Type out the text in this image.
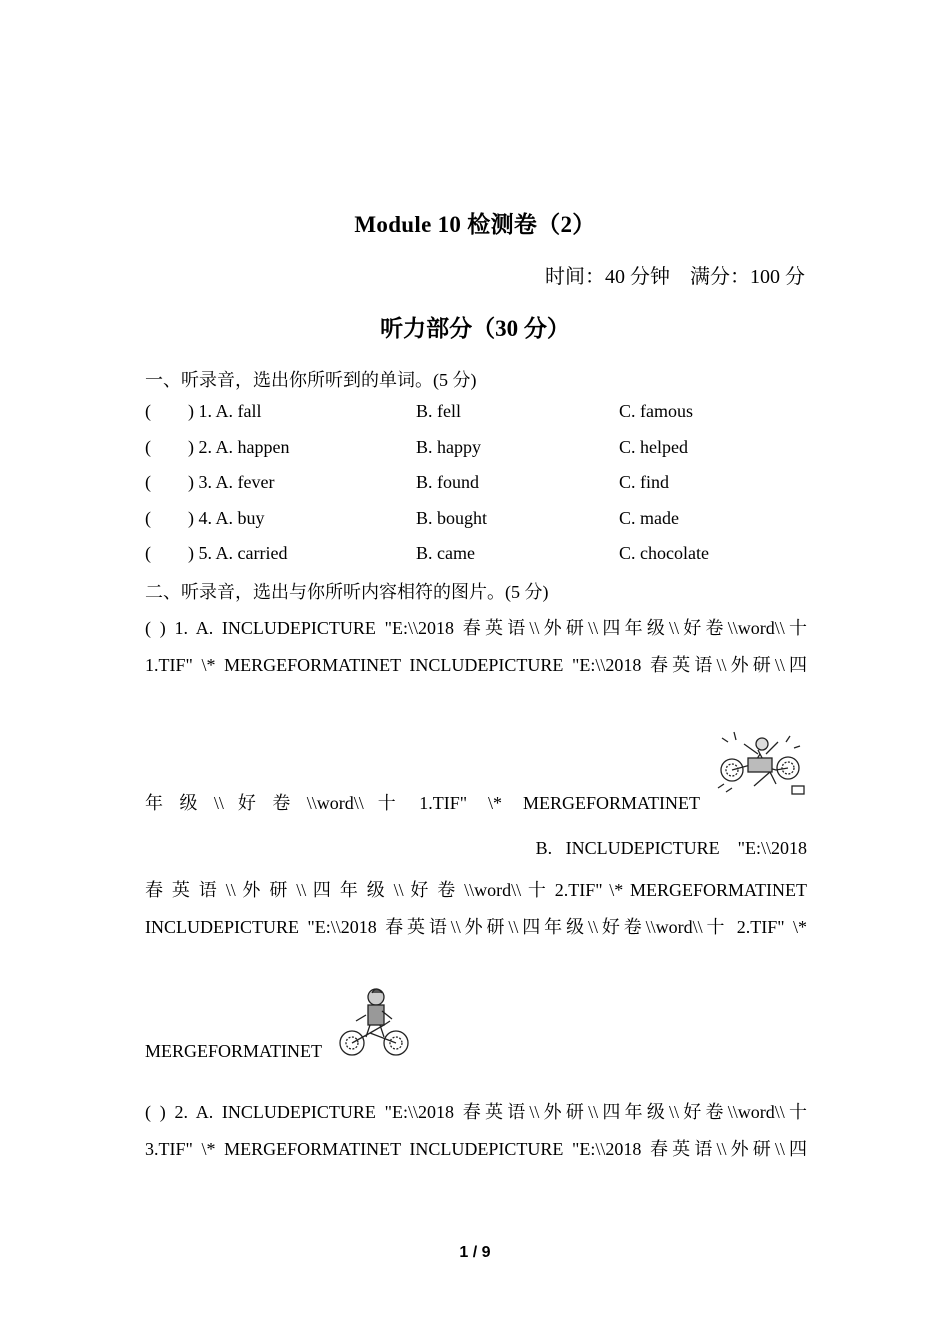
Module 10 检测卷（2）
时间：40 分钟    满分：100 分
听力部分（30 分）
一、听录音，选出你所听到的单词。(5 分)
( ) 1. A. fall	B. fell	C. famous
( ) 2. A. happen	B. happy	C. helped
( ) 3. A. fever	B. found	C. find
( ) 4. A. buy	B. bought	C. made
( ) 5. A. carried	B. came	C. chocolate
二、听录音，选出与你所听内容相符的图片。(5 分)
( ) 1. A. INCLUDEPICTURE "E:\\2018 春英语\\外研\\四年级\\好卷\\word\\十
1.TIF" \* MERGEFORMATINET INCLUDEPICTURE "E:\\2018 春英语\\外研\\四
年  级  \\  好  卷  \\word\\  十   1.TIF"   \*   MERGEFORMATINET
B.   INCLUDEPICTURE    "E:\\2018
春 英 语 \\ 外 研 \\ 四 年 级 \\ 好 卷 \\word\\ 十 2.TIF" \* MERGEFORMATINET
INCLUDEPICTURE "E:\\2018 春英语\\外研\\四年级\\好卷\\word\\十 2.TIF" \*
MERGEFORMATINET
( ) 2. A. INCLUDEPICTURE "E:\\2018 春英语\\外研\\四年级\\好卷\\word\\十
3.TIF" \* MERGEFORMATINET INCLUDEPICTURE "E:\\2018 春英语\\外研\\四
1 / 9
